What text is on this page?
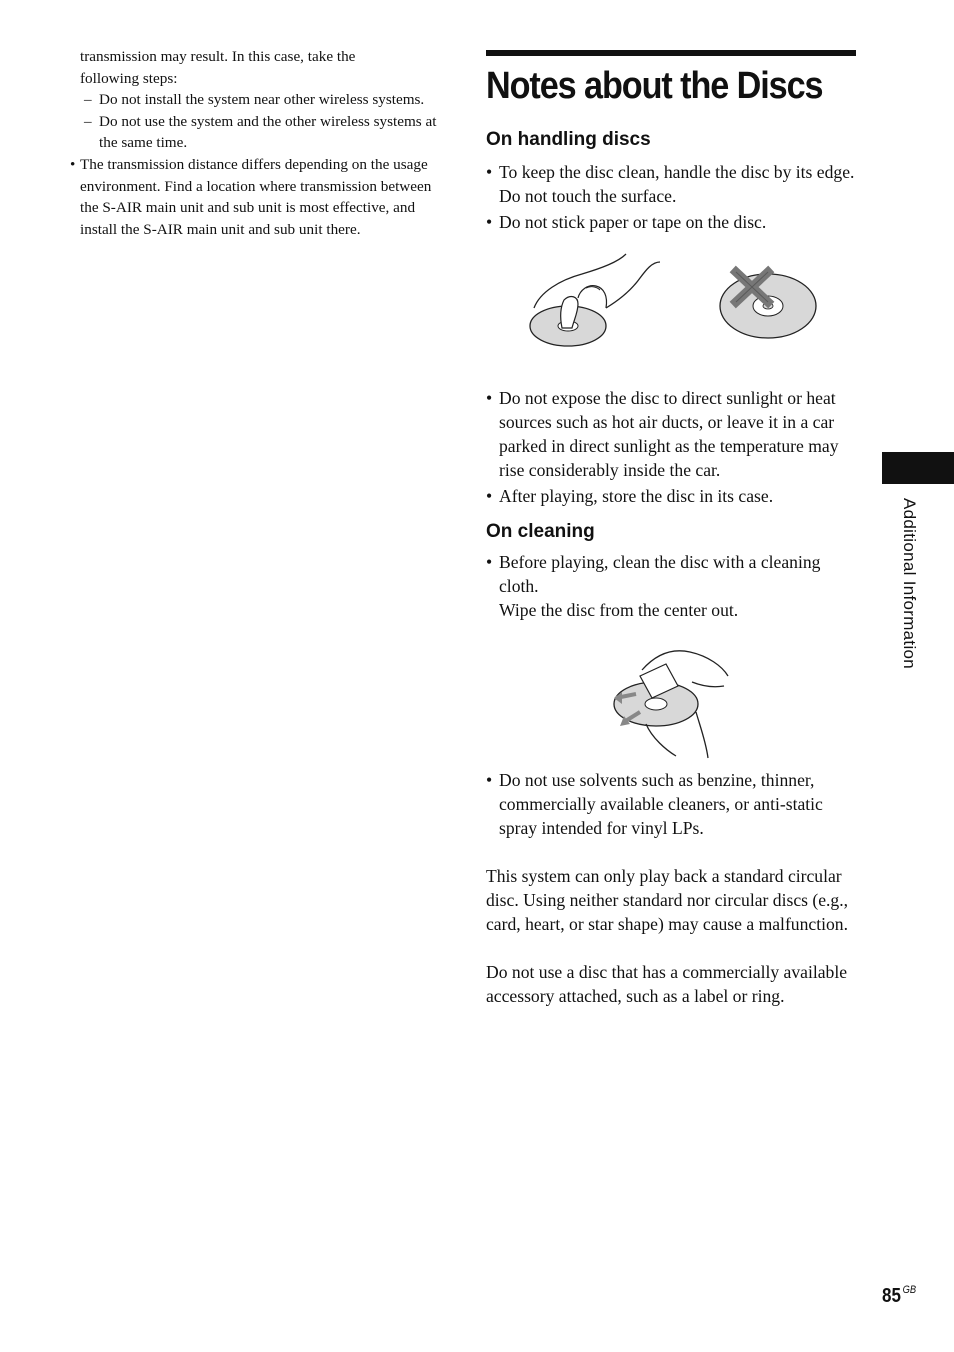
transmission may result. In this case, take the

following steps:

– Do not install the system near other wireless systems.

– Do not use the system and the other wireless systems at the same time.

• The transmission distance differs depending on the usage environment. Find a location where transmission between the S-AIR main unit and sub unit is most effective, and install the S-AIR main unit and sub unit there.

Notes about the Discs
On handling discs

• To keep the disc clean, handle the disc by its edge. Do not touch the surface.

• Do not stick paper or tape on the disc.

• Do not expose the disc to direct sunlight or heat sources such as hot air ducts, or leave it in a car parked in direct sunlight as the temperature may rise considerably inside the car.

• After playing, store the disc in its case.

On cleaning

• Before playing, clean the disc with a cleaning cloth.
Wipe the disc from the center out.

• Do not use solvents such as benzine, thinner, commercially available cleaners, or anti-static spray intended for vinyl LPs.

This system can only play back a standard circular disc. Using neither standard nor circular discs (e.g., card, heart, or star shape) may cause a malfunction.

Do not use a disc that has a commercially available accessory attached, such as a label or ring.

Additional Information
85 $^{GB}$
